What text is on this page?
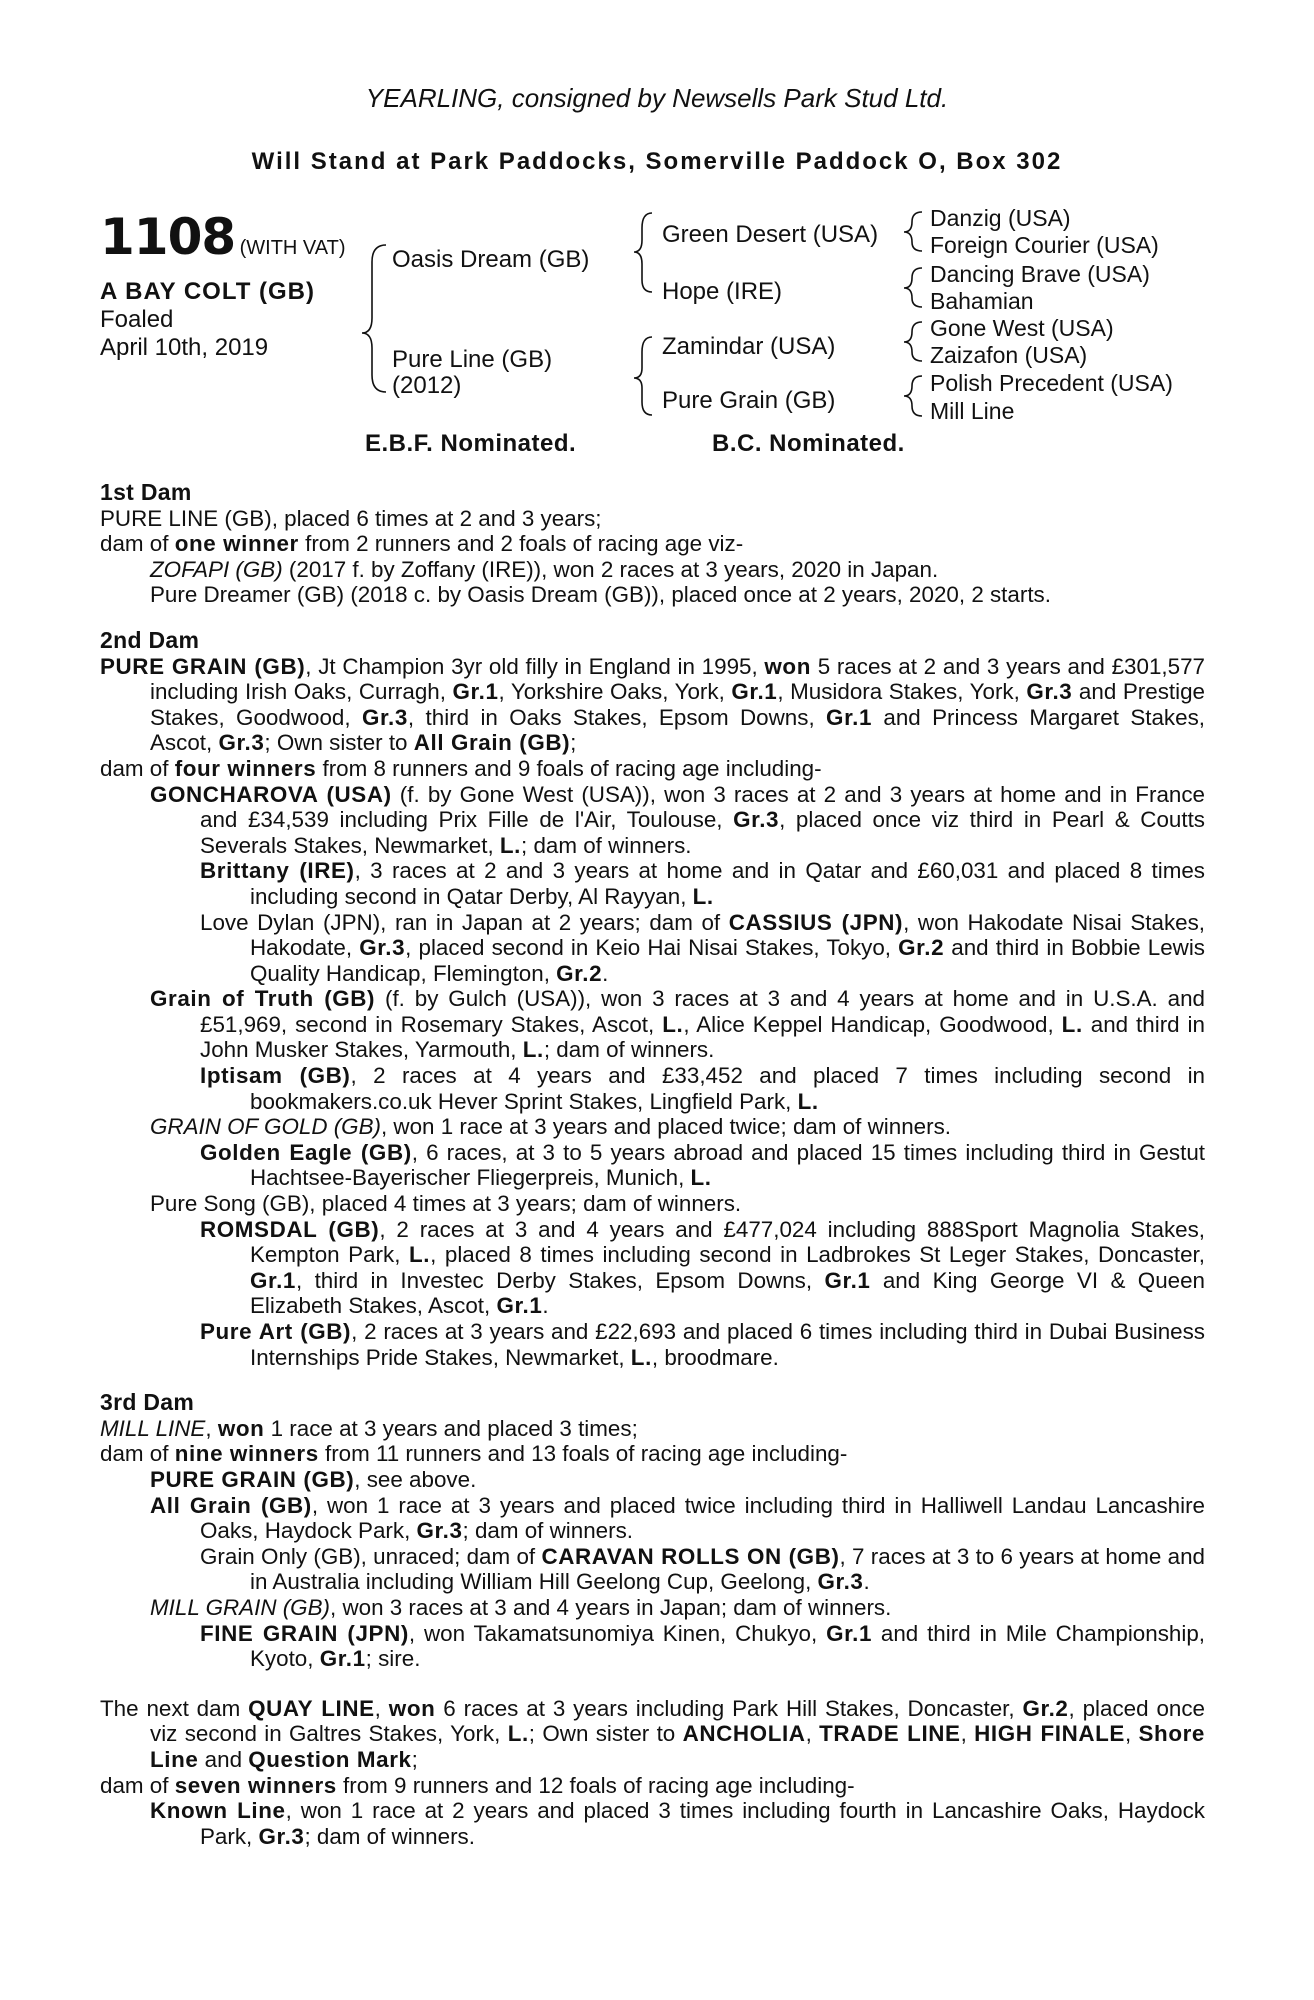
YEARLING, consigned by Newsells Park Stud Ltd.
Will Stand at Park Paddocks, Somerville Paddock O, Box 302
1108 (WITH VAT)
A BAY COLT (GB)
Foaled
April 10th, 2019
Oasis Dream (GB)
Pure Line (GB)
(2012)
Green Desert (USA)
Hope (IRE)
Zamindar (USA)
Pure Grain (GB)
Danzig (USA)
Foreign Courier (USA)
Dancing Brave (USA)
Bahamian
Gone West (USA)
Zaizafon (USA)
Polish Precedent (USA)
Mill Line
E.B.F. Nominated.	B.C. Nominated.
1st Dam
PURE LINE (GB), placed 6 times at 2 and 3 years;
dam of one winner from 2 runners and 2 foals of racing age viz-
ZOFAPI (GB) (2017 f. by Zoffany (IRE)), won 2 races at 3 years, 2020 in Japan.
Pure Dreamer (GB) (2018 c. by Oasis Dream (GB)), placed once at 2 years, 2020, 2 starts.
2nd Dam
PURE GRAIN (GB), Jt Champion 3yr old filly in England in 1995, won 5 races at 2 and 3 years and £301,577 including Irish Oaks, Curragh, Gr.1, Yorkshire Oaks, York, Gr.1, Musidora Stakes, York, Gr.3 and Prestige Stakes, Goodwood, Gr.3, third in Oaks Stakes, Epsom Downs, Gr.1 and Princess Margaret Stakes, Ascot, Gr.3; Own sister to All Grain (GB);
dam of four winners from 8 runners and 9 foals of racing age including-
GONCHAROVA (USA) (f. by Gone West (USA)), won 3 races at 2 and 3 years at home and in France and £34,539 including Prix Fille de l'Air, Toulouse, Gr.3, placed once viz third in Pearl & Coutts Severals Stakes, Newmarket, L.; dam of winners.
Brittany (IRE), 3 races at 2 and 3 years at home and in Qatar and £60,031 and placed 8 times including second in Qatar Derby, Al Rayyan, L.
Love Dylan (JPN), ran in Japan at 2 years; dam of CASSIUS (JPN), won Hakodate Nisai Stakes, Hakodate, Gr.3, placed second in Keio Hai Nisai Stakes, Tokyo, Gr.2 and third in Bobbie Lewis Quality Handicap, Flemington, Gr.2.
Grain of Truth (GB) (f. by Gulch (USA)), won 3 races at 3 and 4 years at home and in U.S.A. and £51,969, second in Rosemary Stakes, Ascot, L., Alice Keppel Handicap, Goodwood, L. and third in John Musker Stakes, Yarmouth, L.; dam of winners.
Iptisam (GB), 2 races at 4 years and £33,452 and placed 7 times including second in bookmakers.co.uk Hever Sprint Stakes, Lingfield Park, L.
GRAIN OF GOLD (GB), won 1 race at 3 years and placed twice; dam of winners.
Golden Eagle (GB), 6 races, at 3 to 5 years abroad and placed 15 times including third in Gestut Hachtsee-Bayerischer Fliegerpreis, Munich, L.
Pure Song (GB), placed 4 times at 3 years; dam of winners.
ROMSDAL (GB), 2 races at 3 and 4 years and £477,024 including 888Sport Magnolia Stakes, Kempton Park, L., placed 8 times including second in Ladbrokes St Leger Stakes, Doncaster, Gr.1, third in Investec Derby Stakes, Epsom Downs, Gr.1 and King George VI & Queen Elizabeth Stakes, Ascot, Gr.1.
Pure Art (GB), 2 races at 3 years and £22,693 and placed 6 times including third in Dubai Business Internships Pride Stakes, Newmarket, L., broodmare.
3rd Dam
MILL LINE, won 1 race at 3 years and placed 3 times;
dam of nine winners from 11 runners and 13 foals of racing age including-
PURE GRAIN (GB), see above.
All Grain (GB), won 1 race at 3 years and placed twice including third in Halliwell Landau Lancashire Oaks, Haydock Park, Gr.3; dam of winners.
Grain Only (GB), unraced; dam of CARAVAN ROLLS ON (GB), 7 races at 3 to 6 years at home and in Australia including William Hill Geelong Cup, Geelong, Gr.3.
MILL GRAIN (GB), won 3 races at 3 and 4 years in Japan; dam of winners.
FINE GRAIN (JPN), won Takamatsunomiya Kinen, Chukyo, Gr.1 and third in Mile Championship, Kyoto, Gr.1; sire.
The next dam QUAY LINE, won 6 races at 3 years including Park Hill Stakes, Doncaster, Gr.2, placed once viz second in Galtres Stakes, York, L.; Own sister to ANCHOLIA, TRADE LINE, HIGH FINALE, Shore Line and Question Mark;
dam of seven winners from 9 runners and 12 foals of racing age including-
Known Line, won 1 race at 2 years and placed 3 times including fourth in Lancashire Oaks, Haydock Park, Gr.3; dam of winners.
